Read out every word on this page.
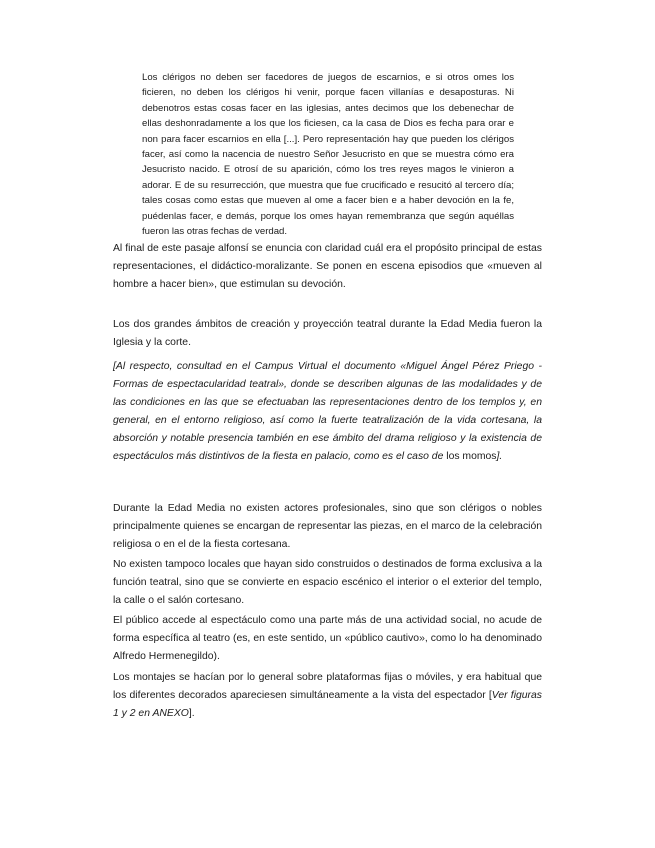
Los clérigos no deben ser facedores de juegos de escarnios, e si otros omes los ficieren, no deben los clérigos hi venir, porque facen villanías e desaposturas. Ni debenotros estas cosas facer en las iglesias, antes decimos que los debenechar de ellas deshonradamente a los que los ficiesen, ca la casa de Dios es fecha para orar e non para facer escarnios en ella [...]. Pero representación hay que pueden los clérigos facer, así como la nacencia de nuestro Señor Jesucristo en que se muestra cómo era Jesucristo nacido. E otrosí de su aparición, cómo los tres reyes magos le vinieron a adorar. E de su resurrección, que muestra que fue crucificado e resucitó al tercero día; tales cosas como estas que mueven al ome a facer bien e a haber devoción en la fe, puédenlas facer, e demás, porque los omes hayan remembranza que según aquéllas fueron las otras fechas de verdad.

Al final de este pasaje alfonsí se enuncia con claridad cuál era el propósito principal de estas representaciones, el didáctico-moralizante. Se ponen en escena episodios que «mueven al hombre a hacer bien», que estimulan su devoción.

Los dos grandes ámbitos de creación y proyección teatral durante la Edad Media fueron la Iglesia y la corte.

[Al respecto, consultad en el Campus Virtual el documento «Miguel Ángel Pérez Priego - Formas de espectacularidad teatral», donde se describen algunas de las modalidades y de las condiciones en las que se efectuaban las representaciones dentro de los templos y, en general, en el entorno religioso, así como la fuerte teatralización de la vida cortesana, la absorción y notable presencia también en ese ámbito del drama religioso y la existencia de espectáculos más distintivos de la fiesta en palacio, como es el caso de los momos].

Durante la Edad Media no existen actores profesionales, sino que son clérigos o nobles principalmente quienes se encargan de representar las piezas, en el marco de la celebración religiosa o en el de la fiesta cortesana.

No existen tampoco locales que hayan sido construidos o destinados de forma exclusiva a la función teatral, sino que se convierte en espacio escénico el interior o el exterior del templo, la calle o el salón cortesano.

El público accede al espectáculo como una parte más de una actividad social, no acude de forma específica al teatro (es, en este sentido, un «público cautivo», como lo ha denominado Alfredo Hermenegildo).

Los montajes se hacían por lo general sobre plataformas fijas o móviles, y era habitual que los diferentes decorados apareciesen simultáneamente a la vista del espectador [Ver figuras 1 y 2 en ANEXO].
